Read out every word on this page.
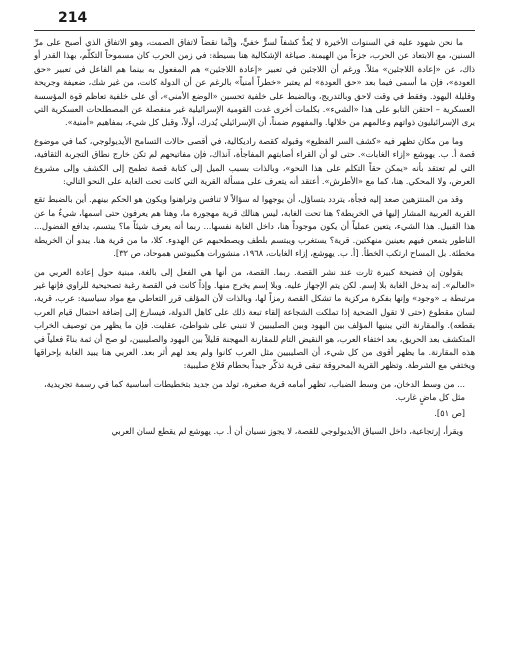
214

ما نحن شهود عليه في السنوات الأخيرة لا يُعدُّ كشفاً لسرٍّ خفيٍّ، وإنَّما نقضاً لاتفاق الصمت، وهو الاتفاق الذي أصبح على مرِّ السنين، مع الابتعاد عن الحرب، جزءاً من الهيمنة. صياغة الإشكالية هنا بسيطة: في زمن الحرب كان مسموحاً التكلّم، بهذا القدر أو ذاك، عن «إعادة اللاجئين» مثلاً. ورغم أن اللاجئين في تعبير «إعادة اللاجئين» هم المفعول به بينما هم الفاعل في تعبير «حق العودة»، فإن ما أسمى فيما بعد «حق العودة» لم يعتبر «خطراً أمنياً» بالرغم عن أن الدولة كانت، من غير شك، ضعيفة وجريحة وقليلة اليهود. وفقط في وقت لاحق وبالتدريج، وبالضبط على خلفية تحسين «الوضع الأمني»، أي على خلفية تعاظم قوة المؤسسة العسكرية – احتقن التابو على هذا «الشيء». بكلمات أخرى غدت القومية الإسرائيلية غير منفصلة عن المصطلحات العسكرية التي يرى الإسرائيليون ذواتهم وعالمهم من خلالها. والمفهوم ضمناً، أن الإسرائيلي يُدرك، أولاً، وقبل كل شيء، بمفاهيم «أمنية».

وما من مكان تظهر فيه «كشف السر الفظيع» وقبوله كقصة راديكالية، في أقصى حالات التسامح الأيديولوجي، كما في موضوع قصة أ. ب. يهوشع «إزاء الغابات». حتى لو أن القراء أصابتهم المفاجأة، آنذاك، فإن مفاتيحهم لم تكن خارج نطاق التجربة الثقافية، التي لم تعتقد بأنه «يمكن حقاً التكلم على هذا النحو»، وبالذات بسبب الميل إلى كتابة قصة تطمح إلى الكشف وإلى مشروع العرض، ولا المحكي. هنا، كما مع «الأطرش». أعتقد أنه يتعرف على مسألة القرية التي كانت تحت الغابة على النحو التالي:

وقد من المنتزهين صعد إليه فجأة، يتردد بتساؤل، أن يوجهوا له سؤالاً لا تنافس وتراهنوا ويكون هو الحكم بينهم. أين بالضبط تقع القرية العربية المشار إليها في الخريطة؟ هنا تحت الغابة، ليس هنالك قرية مهجورة ما، وهنا هم يعرفون حتى اسمها، شيءٌ ما عن هذا القبيل. هذا الشيء، يتعين عملياً أن يكون موجوداً هنا، داخل الغابة نفسها... ربما أنه يعرف شيئاً ما؟ يبتسم، يدافع الفضول... الناطور يتمعن فيهم بعينين منهكتين. قرية؟ يستغرب ويبتسم بلطف ويصطحبهم عن الهدوء. كلا، ما من قرية هنا. يبدو أن الخريطة مخطئة. بل المساح ارتكب الخطأ. [أ. ب. يهوشع، إزاء الغابات، ١٩٦٨، منشورات هكيبوتس هموحاد، ص ٣٢].

يقولون إن فضيحة كبيرة ثارت عند نشر القصة. ربما. القصة، من أنها هي الفعل إلى بالغة، مبنية حول إعادة العربي من «العالم». إنه يدخل الغابة بلا إسم. لكن يتم الإجهاز عليه. وبلا إسم يخرج منها. وإذاً كانت في القصة رغبة تصحيحية للراوي فإنها غير مرتبطة بـ «وجود» وإنها بفكرة مركزية ما تشكل القصة رمزاً لها، وبالذات لأن المؤلف قرر التعاطي مع مواد سياسية: عرب، قرية، لسان مقطوع (حتى لا تقول الضحية إذا تملكت الشجاعة إلقاء تبعة ذلك على كاهل الدولة، فيسارع إلى إضافة احتمال قيام العرب بقطعه). والمقارنة التي يبنيها المؤلف بين اليهود وبين الصليبيين لا تنبني على شواطئ، عقليت. فإن ما يظهر من توصيف الخراب المتكشف بعد الحريق، بعد اختفاء العرب، هو النقيض التام للمقارنة المهجنة قليلاً بين اليهود والصليبيين، لو صح أن ثمة بناءً فعلياً في هذه المقارنة. ما يظهر أقوى من كل شيء، أن الصليبيين مثل العرب كانوا ولم يعد لهم أثر بعد. العربي هنا يبيد الغابة بإحراقها ويختفي مع الشرطة. وتظهر القرية المحروقة تبقى قرية تذكّر جيداً بحطام قلاع صليبية:

... من وسط الدخان، من وسط الضباب، تظهر أمامه قرية صغيرة، تولد من جديد بتخطيطات أساسية كما في رسمة تجريدية، مثل كل ماضٍ غارب.

[ص ٥١].

ويقرأ، إرتجاعية، داخل السياق الأيديولوجي للقصة، لا يجوز نسيان أن أ. ب. يهوشع لم يقطع لسان العربي
